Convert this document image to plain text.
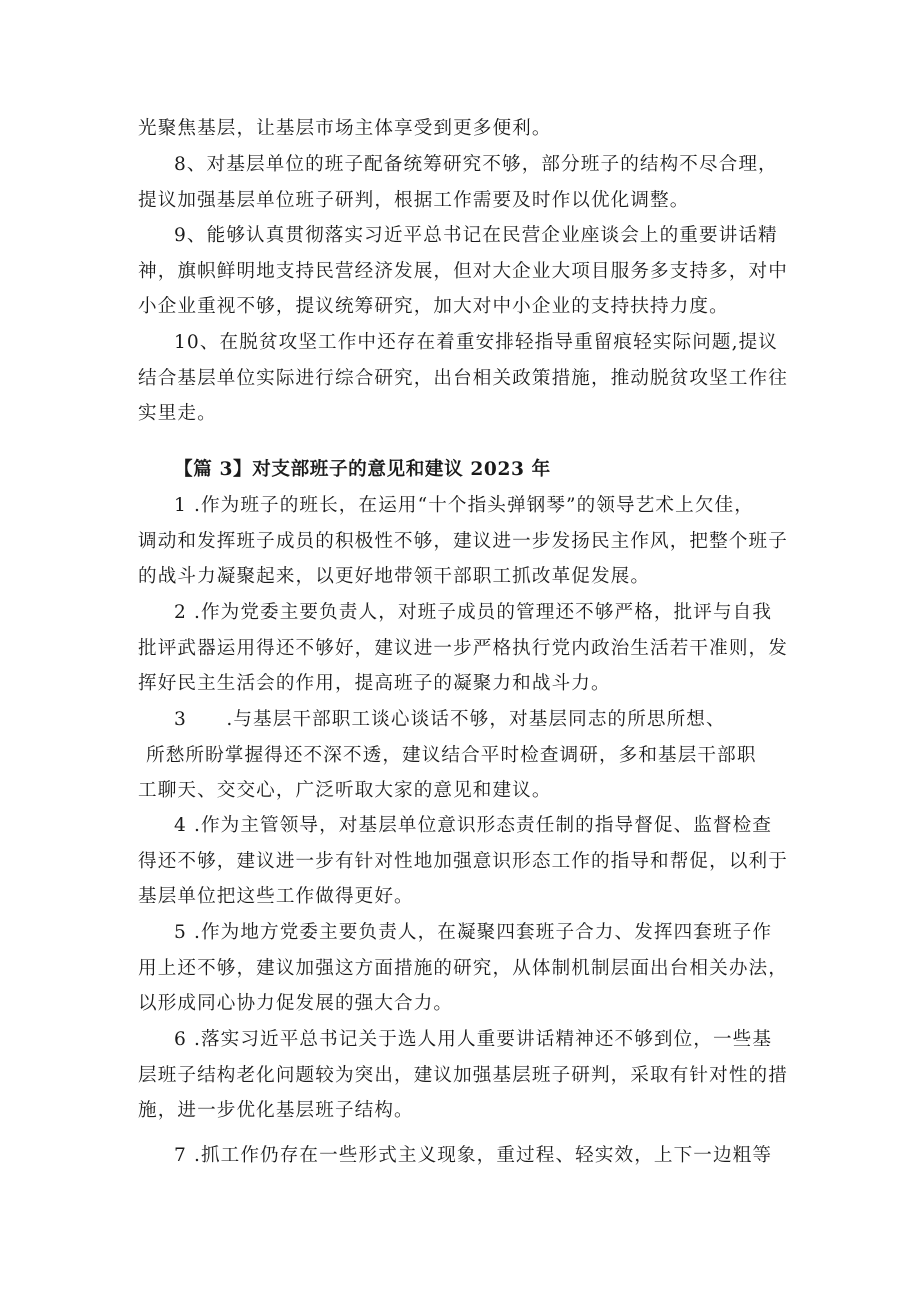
光聚焦基层，让基层市场主体享受到更多便利。

8、对基层单位的班子配备统筹研究不够，部分班子的结构不尽合理，
提议加强基层单位班子研判，根据工作需要及时作以优化调整。

9、能够认真贯彻落实习近平总书记在民营企业座谈会上的重要讲话精
神，旗帜鲜明地支持民营经济发展，但对大企业大项目服务多支持多，对中
小企业重视不够，提议统筹研究，加大对中小企业的支持扶持力度。

10、在脱贫攻坚工作中还存在着重安排轻指导重留痕轻实际问题,提议
结合基层单位实际进行综合研究，出台相关政策措施，推动脱贫攻坚工作往
实里走。

【篇 3】对支部班子的意见和建议 2023 年

1 .作为班子的班长，在运用“十个指头弹钢琴”的领导艺术上欠佳，
调动和发挥班子成员的积极性不够，建议进一步发扬民主作风，把整个班子
的战斗力凝聚起来，以更好地带领干部职工抓改革促发展。

2 .作为党委主要负责人，对班子成员的管理还不够严格，批评与自我
批评武器运用得还不够好，建议进一步严格执行党内政治生活若干准则，发
挥好民主生活会的作用，提高班子的凝聚力和战斗力。

3　　.与基层干部职工谈心谈话不够，对基层同志的所思所想、
所愁所盼掌握得还不深不透，建议结合平时检查调研，多和基层干部职
工聊天、交交心，广泛听取大家的意见和建议。

4 .作为主管领导，对基层单位意识形态责任制的指导督促、监督检查
得还不够，建议进一步有针对性地加强意识形态工作的指导和帮促，以利于
基层单位把这些工作做得更好。

5 .作为地方党委主要负责人，在凝聚四套班子合力、发挥四套班子作
用上还不够，建议加强这方面措施的研究，从体制机制层面出台相关办法，
以形成同心协力促发展的强大合力。

6 .落实习近平总书记关于选人用人重要讲话精神还不够到位，一些基
层班子结构老化问题较为突出，建议加强基层班子研判，采取有针对性的措
施，进一步优化基层班子结构。

7 .抓工作仍存在一些形式主义现象，重过程、轻实效，上下一边粗等
